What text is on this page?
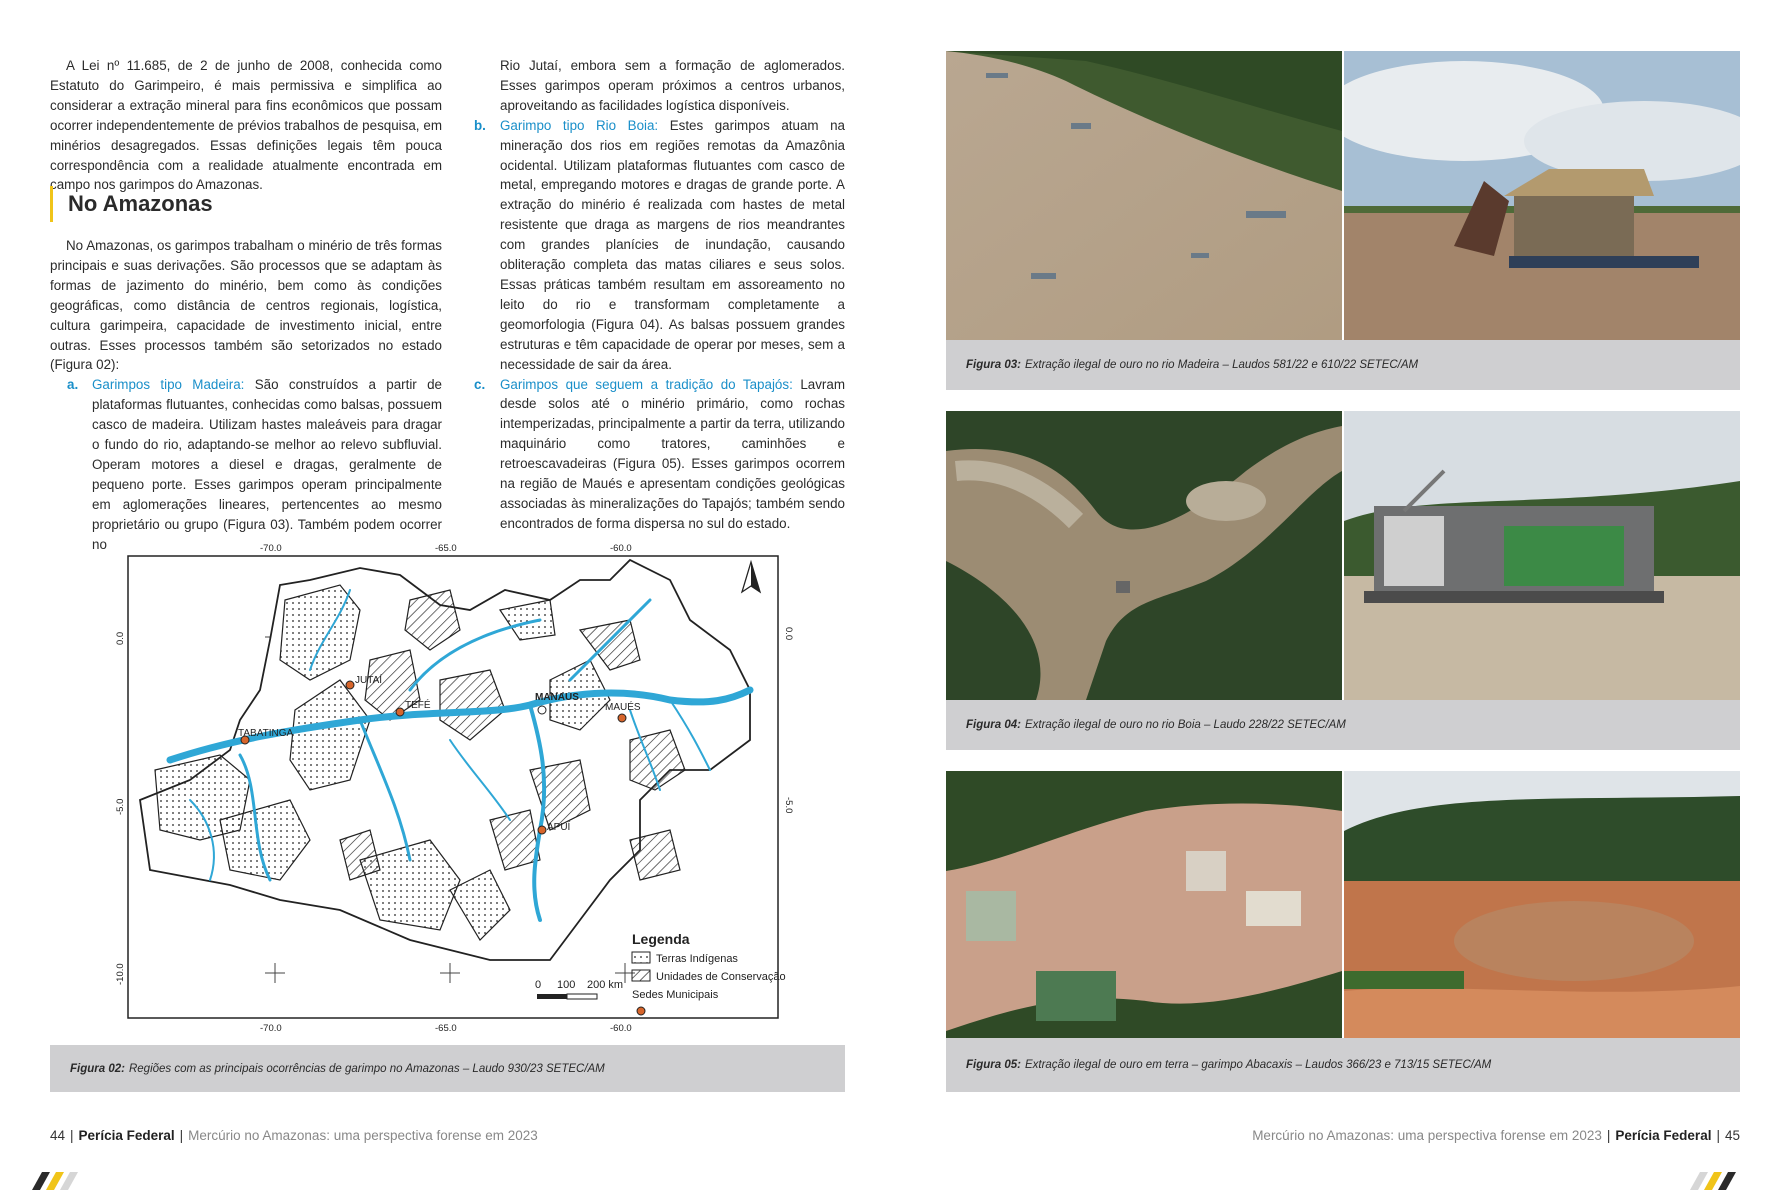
A Lei nº 11.685, de 2 de junho de 2008, conhecida como Estatuto do Garimpeiro, é mais permissiva e simplifica ao considerar a extração mineral para fins econômicos que possam ocorrer independentemente de prévios trabalhos de pesquisa, em minérios desagregados. Essas definições legais têm pouca correspondência com a realidade atualmente encontrada em campo nos garimpos do Amazonas.

No Amazonas

No Amazonas, os garimpos trabalham o minério de três formas principais e suas derivações. São processos que se adaptam às formas de jazimento do minério, bem como às condições geográficas, como distância de centros regionais, logística, cultura garimpeira, capacidade de investimento inicial, entre outras. Esses processos também são setorizados no estado (Figura 02):

a. Garimpos tipo Madeira: São construídos a partir de plataformas flutuantes, conhecidas como balsas, possuem casco de madeira. Utilizam hastes maleáveis para dragar o fundo do rio, adaptando-se melhor ao relevo subfluvial. Operam motores a diesel e dragas, geralmente de pequeno porte. Esses garimpos operam principalmente em aglomerações lineares, pertencentes ao mesmo proprietário ou grupo (Figura 03). Também podem ocorrer no

Rio Jutaí, embora sem a formação de aglomerados. Esses garimpos operam próximos a centros urbanos, aproveitando as facilidades logística disponíveis.

b. Garimpo tipo Rio Boia: Estes garimpos atuam na mineração dos rios em regiões remotas da Amazônia ocidental. Utilizam plataformas flutuantes com casco de metal, empregando motores e dragas de grande porte. A extração do minério é realizada com hastes de metal resistente que draga as margens de rios meandrantes com grandes planícies de inundação, causando obliteração completa das matas ciliares e seus solos. Essas práticas também resultam em assoreamento no leito do rio e transformam completamente a geomorfologia (Figura 04). As balsas possuem grandes estruturas e têm capacidade de operar por meses, sem a necessidade de sair da área.
c. Garimpos que seguem a tradição do Tapajós: Lavram desde solos até o minério primário, como rochas intemperizadas, principalmente a partir da terra, utilizando maquinário como tratores, caminhões e retroescavadeiras (Figura 05). Esses garimpos ocorrem na região de Maués e apresentam condições geológicas associadas às mineralizações do Tapajós; também sendo encontrados de forma dispersa no sul do estado.
JUTAÍ
TEFÉ
MANAUS
MAUÉS
TABATINGA
APUÍ
-70.0	-65.0	-60.0
-70.0	-65.0	-60.0
0.0
-5.0
-10.0
0.0
-5.0
Legenda
Terras Indígenas
Unidades de Conservação
Sedes Municipais
0 100 200 km
Figura 02: Regiões com as principais ocorrências de garimpo no Amazonas – Laudo 930/23 SETEC/AM
44 | Perícia Federal | Mercúrio no Amazonas: uma perspectiva forense em 2023
Figura 03: Extração ilegal de ouro no rio Madeira – Laudos 581/22 e 610/22 SETEC/AM
Figura 04: Extração ilegal de ouro no rio Boia – Laudo 228/22 SETEC/AM
Figura 05: Extração ilegal de ouro em terra – garimpo Abacaxis – Laudos 366/23 e 713/15 SETEC/AM
Mercúrio no Amazonas: uma perspectiva forense em 2023 | Perícia Federal | 45
